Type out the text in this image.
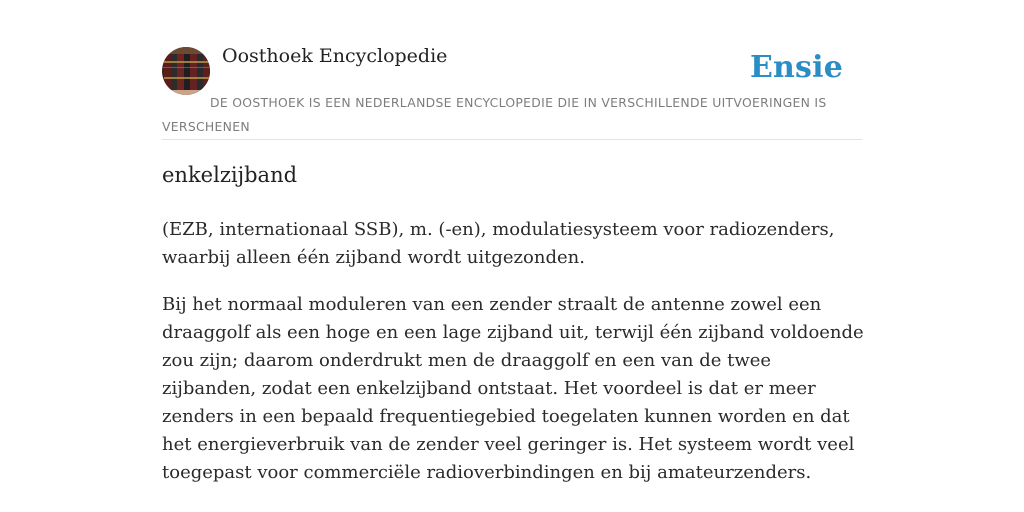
Oosthoek Encyclopedie	Ensie
DE OOSTHOEK IS EEN NEDERLANDSE ENCYCLOPEDIE DIE IN VERSCHILLENDE UITVOERINGEN IS VERSCHENEN
enkelzijband

(EZB, internationaal SSB), m. (-en), modulatiesysteem voor radiozenders, waarbij alleen één zijband wordt uitgezonden.

Bij het normaal moduleren van een zender straalt de antenne zowel een draaggolf als een hoge en een lage zijband uit, terwijl één zijband voldoende zou zijn; daarom onderdrukt men de draaggolf en een van de twee zijbanden, zodat een enkelzijband ontstaat. Het voordeel is dat er meer zenders in een bepaald frequentiegebied toegelaten kunnen worden en dat het energieverbruik van de zender veel geringer is. Het systeem wordt veel toegepast voor commerciële radioverbindingen en bij amateurzenders.
